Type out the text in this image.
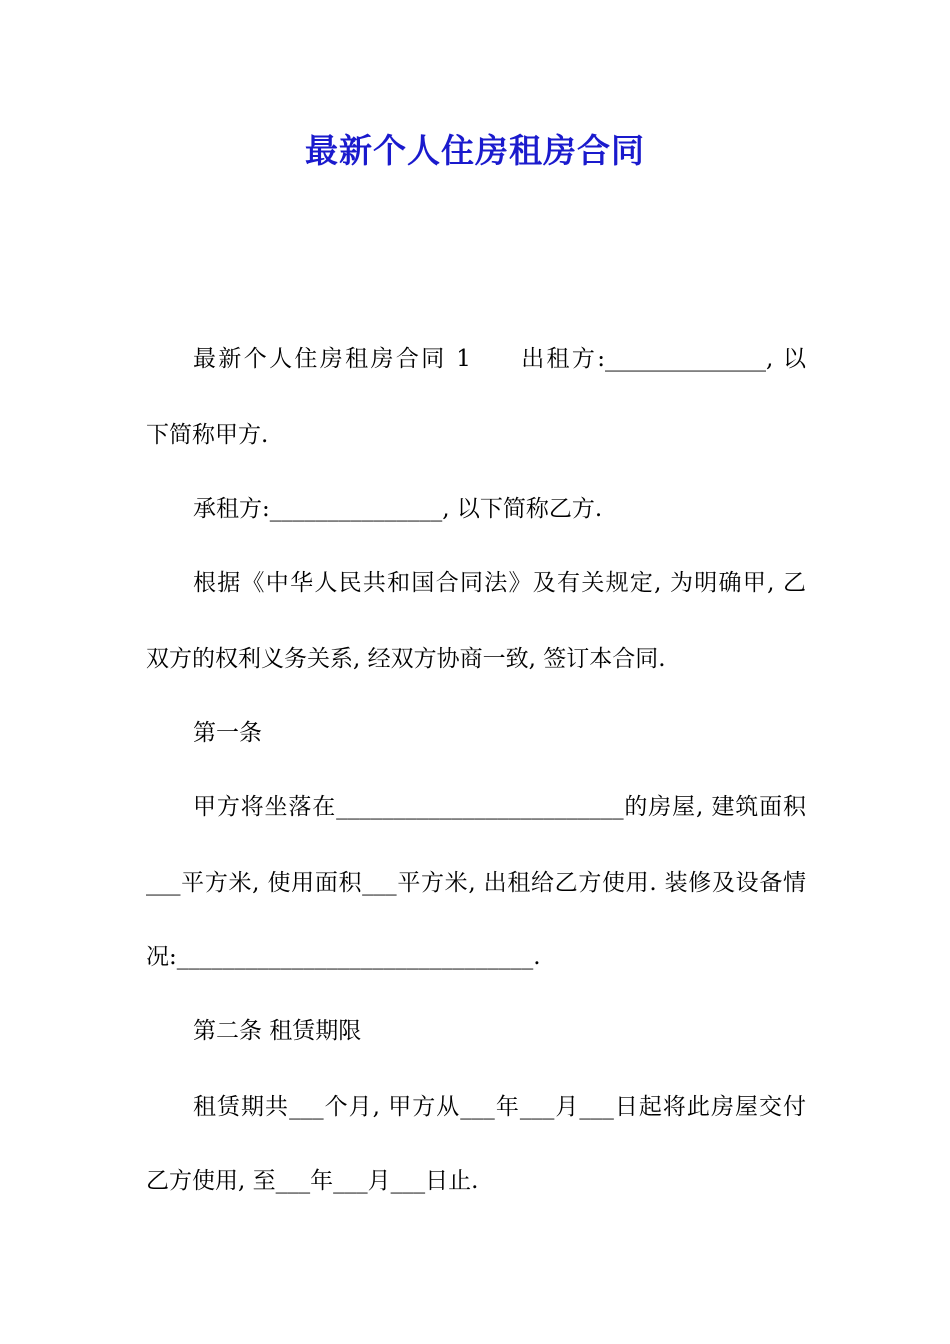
最新个人住房租房合同
最新个人住房租房合同 1 出租方:______________, 以
下简称甲方.
承租方:_______________, 以下简称乙方.
根据《中华人民共和国合同法》及有关规定, 为明确甲, 乙
双方的权利义务关系, 经双方协商一致, 签订本合同.
第一条
甲方将坐落在_________________________的房屋, 建筑面积
___平方米, 使用面积___平方米, 出租给乙方使用. 装修及设备情
况:_______________________________.
第二条 租赁期限
租赁期共___个月, 甲方从___年___月___日起将此房屋交付
乙方使用, 至___年___月___日止.
